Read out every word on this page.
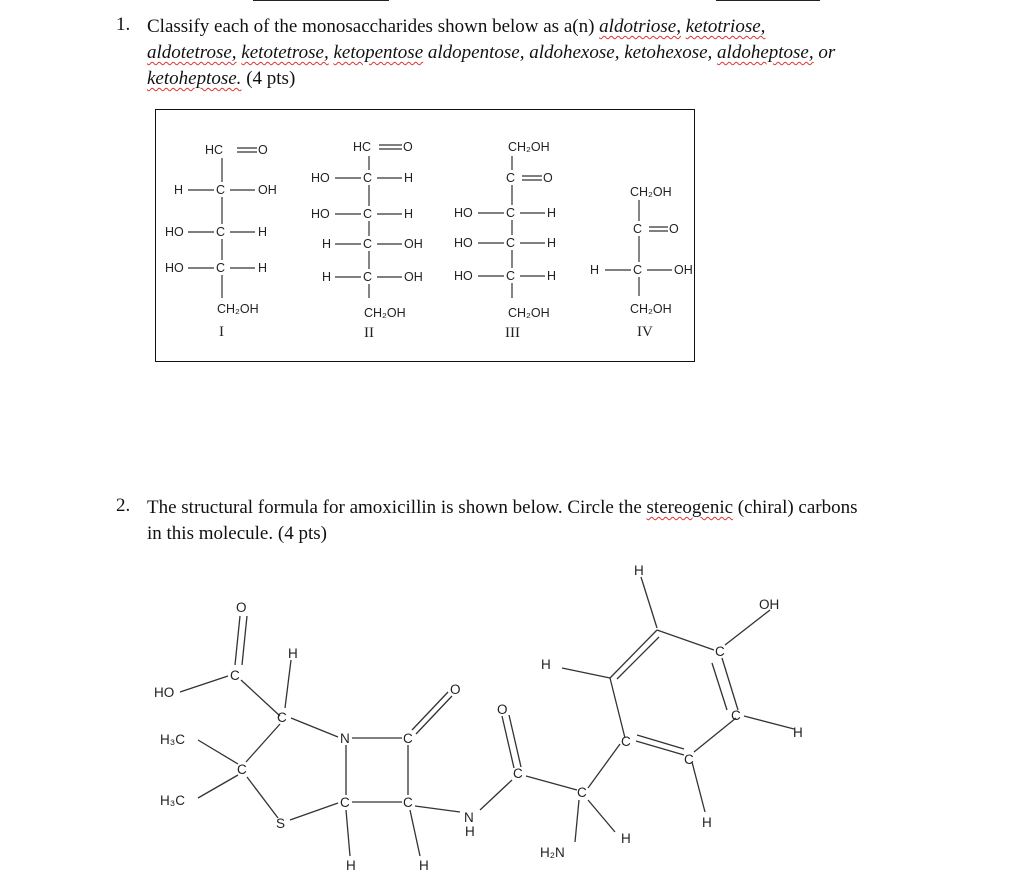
1. Classify each of the monosaccharides shown below as a(n) aldotriose, ketotriose,
aldotetrose, ketotetrose, ketopentose aldopentose, aldohexose, ketohexose, aldoheptose, or
ketoheptose. (4 pts)
HC	O
H	C	OH
HO	C	H
HO	C	H
CH₂OH
I
HC	O
HO	C	H
HO	C	H
H	C	OH
H	C	OH
CH₂OH
II
CH₂OH
C O
HO	C	H
HO	C	H
HO	C	H
CH₂OH
III
CH₂OH
C O
H	C	OH
CH₂OH
IV
2. The structural formula for amoxicillin is shown below. Circle the stereogenic (chiral) carbons
in this molecule. (4 pts)
O
C
HO
H
C
N	C
O
H₃C
H₃C
C
S
C	C
H	H
N
H
O
C
C
H
H₂N
H
H
C
C
C
C
OH
H
H
